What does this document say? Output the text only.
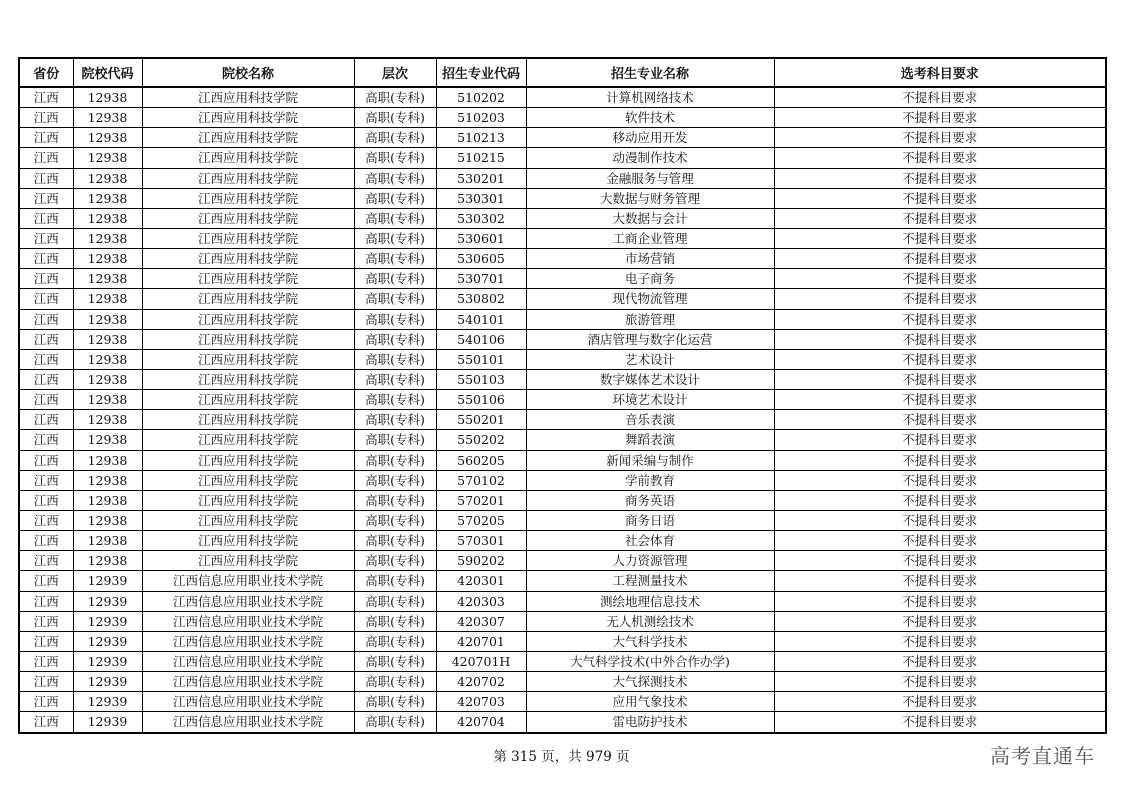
省份	院校代码	院校名称	层次	招生专业代码	招生专业名称	选考科目要求
江西	12938	江西应用科技学院	高职(专科)	510202	计算机网络技术	不提科目要求
江西	12938	江西应用科技学院	高职(专科)	510203	软件技术	不提科目要求
江西	12938	江西应用科技学院	高职(专科)	510213	移动应用开发	不提科目要求
江西	12938	江西应用科技学院	高职(专科)	510215	动漫制作技术	不提科目要求
江西	12938	江西应用科技学院	高职(专科)	530201	金融服务与管理	不提科目要求
江西	12938	江西应用科技学院	高职(专科)	530301	大数据与财务管理	不提科目要求
江西	12938	江西应用科技学院	高职(专科)	530302	大数据与会计	不提科目要求
江西	12938	江西应用科技学院	高职(专科)	530601	工商企业管理	不提科目要求
江西	12938	江西应用科技学院	高职(专科)	530605	市场营销	不提科目要求
江西	12938	江西应用科技学院	高职(专科)	530701	电子商务	不提科目要求
江西	12938	江西应用科技学院	高职(专科)	530802	现代物流管理	不提科目要求
江西	12938	江西应用科技学院	高职(专科)	540101	旅游管理	不提科目要求
江西	12938	江西应用科技学院	高职(专科)	540106	酒店管理与数字化运营	不提科目要求
江西	12938	江西应用科技学院	高职(专科)	550101	艺术设计	不提科目要求
江西	12938	江西应用科技学院	高职(专科)	550103	数字媒体艺术设计	不提科目要求
江西	12938	江西应用科技学院	高职(专科)	550106	环境艺术设计	不提科目要求
江西	12938	江西应用科技学院	高职(专科)	550201	音乐表演	不提科目要求
江西	12938	江西应用科技学院	高职(专科)	550202	舞蹈表演	不提科目要求
江西	12938	江西应用科技学院	高职(专科)	560205	新闻采编与制作	不提科目要求
江西	12938	江西应用科技学院	高职(专科)	570102	学前教育	不提科目要求
江西	12938	江西应用科技学院	高职(专科)	570201	商务英语	不提科目要求
江西	12938	江西应用科技学院	高职(专科)	570205	商务日语	不提科目要求
江西	12938	江西应用科技学院	高职(专科)	570301	社会体育	不提科目要求
江西	12938	江西应用科技学院	高职(专科)	590202	人力资源管理	不提科目要求
江西	12939	江西信息应用职业技术学院	高职(专科)	420301	工程测量技术	不提科目要求
江西	12939	江西信息应用职业技术学院	高职(专科)	420303	测绘地理信息技术	不提科目要求
江西	12939	江西信息应用职业技术学院	高职(专科)	420307	无人机测绘技术	不提科目要求
江西	12939	江西信息应用职业技术学院	高职(专科)	420701	大气科学技术	不提科目要求
江西	12939	江西信息应用职业技术学院	高职(专科)	420701H	大气科学技术(中外合作办学)	不提科目要求
江西	12939	江西信息应用职业技术学院	高职(专科)	420702	大气探测技术	不提科目要求
江西	12939	江西信息应用职业技术学院	高职(专科)	420703	应用气象技术	不提科目要求
江西	12939	江西信息应用职业技术学院	高职(专科)	420704	雷电防护技术	不提科目要求
第 315 页，共 979 页	高考直通车
